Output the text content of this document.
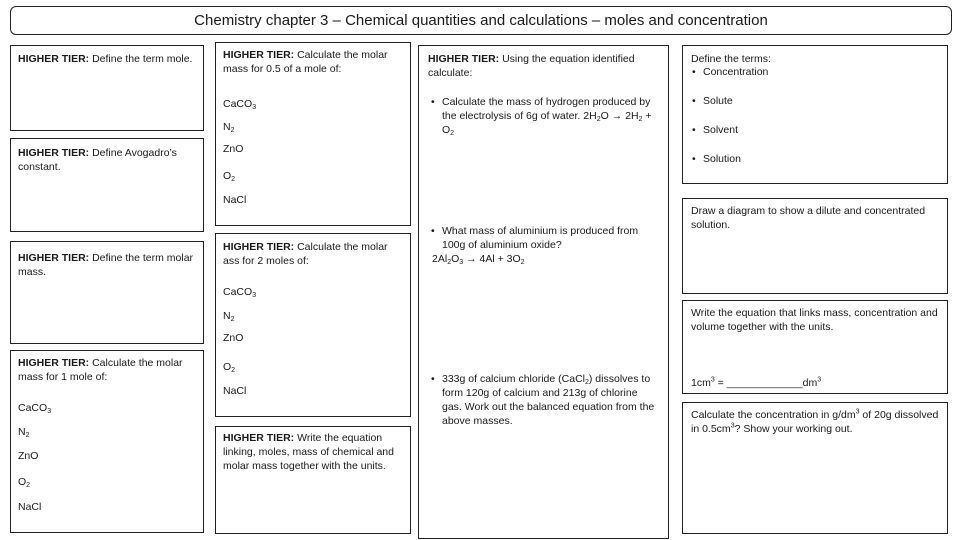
Chemistry chapter 3 – Chemical quantities and calculations – moles and concentration
HIGHER TIER: Define the term mole.
HIGHER TIER: Define Avogadro’s constant.
HIGHER TIER: Define the term molar mass.
HIGHER TIER: Calculate the molar mass for 1 mole of:
CaCO$_3$
$N_2$
ZnO
$O_2$
NaCl
HIGHER TIER: Calculate the molar mass for 0.5 of a mole of:
CaCO$_3$
$N_2$
ZnO
$O_2$
NaCl
HIGHER TIER: Calculate the molar ass for 2 moles of:
CaCO$_3$
$N_2$
ZnO
$O_2$
NaCl
HIGHER TIER: Write the equation linking, moles, mass of chemical and molar mass together with the units.
HIGHER TIER: Using the equation identified calculate:
• Calculate the mass of hydrogen produced by the electrolysis of 6g of water. $2H_2O \to 2H_2 + O_2$
• What mass of aluminium is produced from 100g of aluminium oxide?
$2Al_2O_3 \to 4Al + 3O_2$
• 333g of calcium chloride (CaCl$_2$) dissolves to form 120g of calcium and 213g of chlorine gas. Work out the balanced equation from the above masses.
Define the terms:
• Concentration
• Solute
• Solvent
• Solution
Draw a diagram to show a dilute and concentrated solution.
Write the equation that links mass, concentration and volume together with the units.
$1cm^3$ = $\_\_\_\_\_\_\_\_\_\_\_\_\_dm^3$
Calculate the concentration in $g/dm^3$ of 20g dissolved in $0.5cm^3$? Show your working out.
